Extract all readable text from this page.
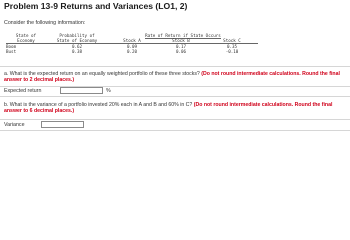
Problem 13-9 Returns and Variances (LO1, 2)
Consider the following information:
State of	Probability of	Rate of Return if State Occurs		
Economy	State of Economy	Stock A	Stock B	Stock C
Boom	0.62	0.09	0.17	0.35
Bust	0.38	0.20	0.06	-0.10
a. What is the expected return on an equally weighted portfolio of these three stocks? (Do not round intermediate calculations. Round the final answer to 2 decimal places.)
Expected return	%
b. What is the variance of a portfolio invested 20% each in A and B and 60% in C? (Do not round intermediate calculations. Round the final answer to 6 decimal places.)
Variance
